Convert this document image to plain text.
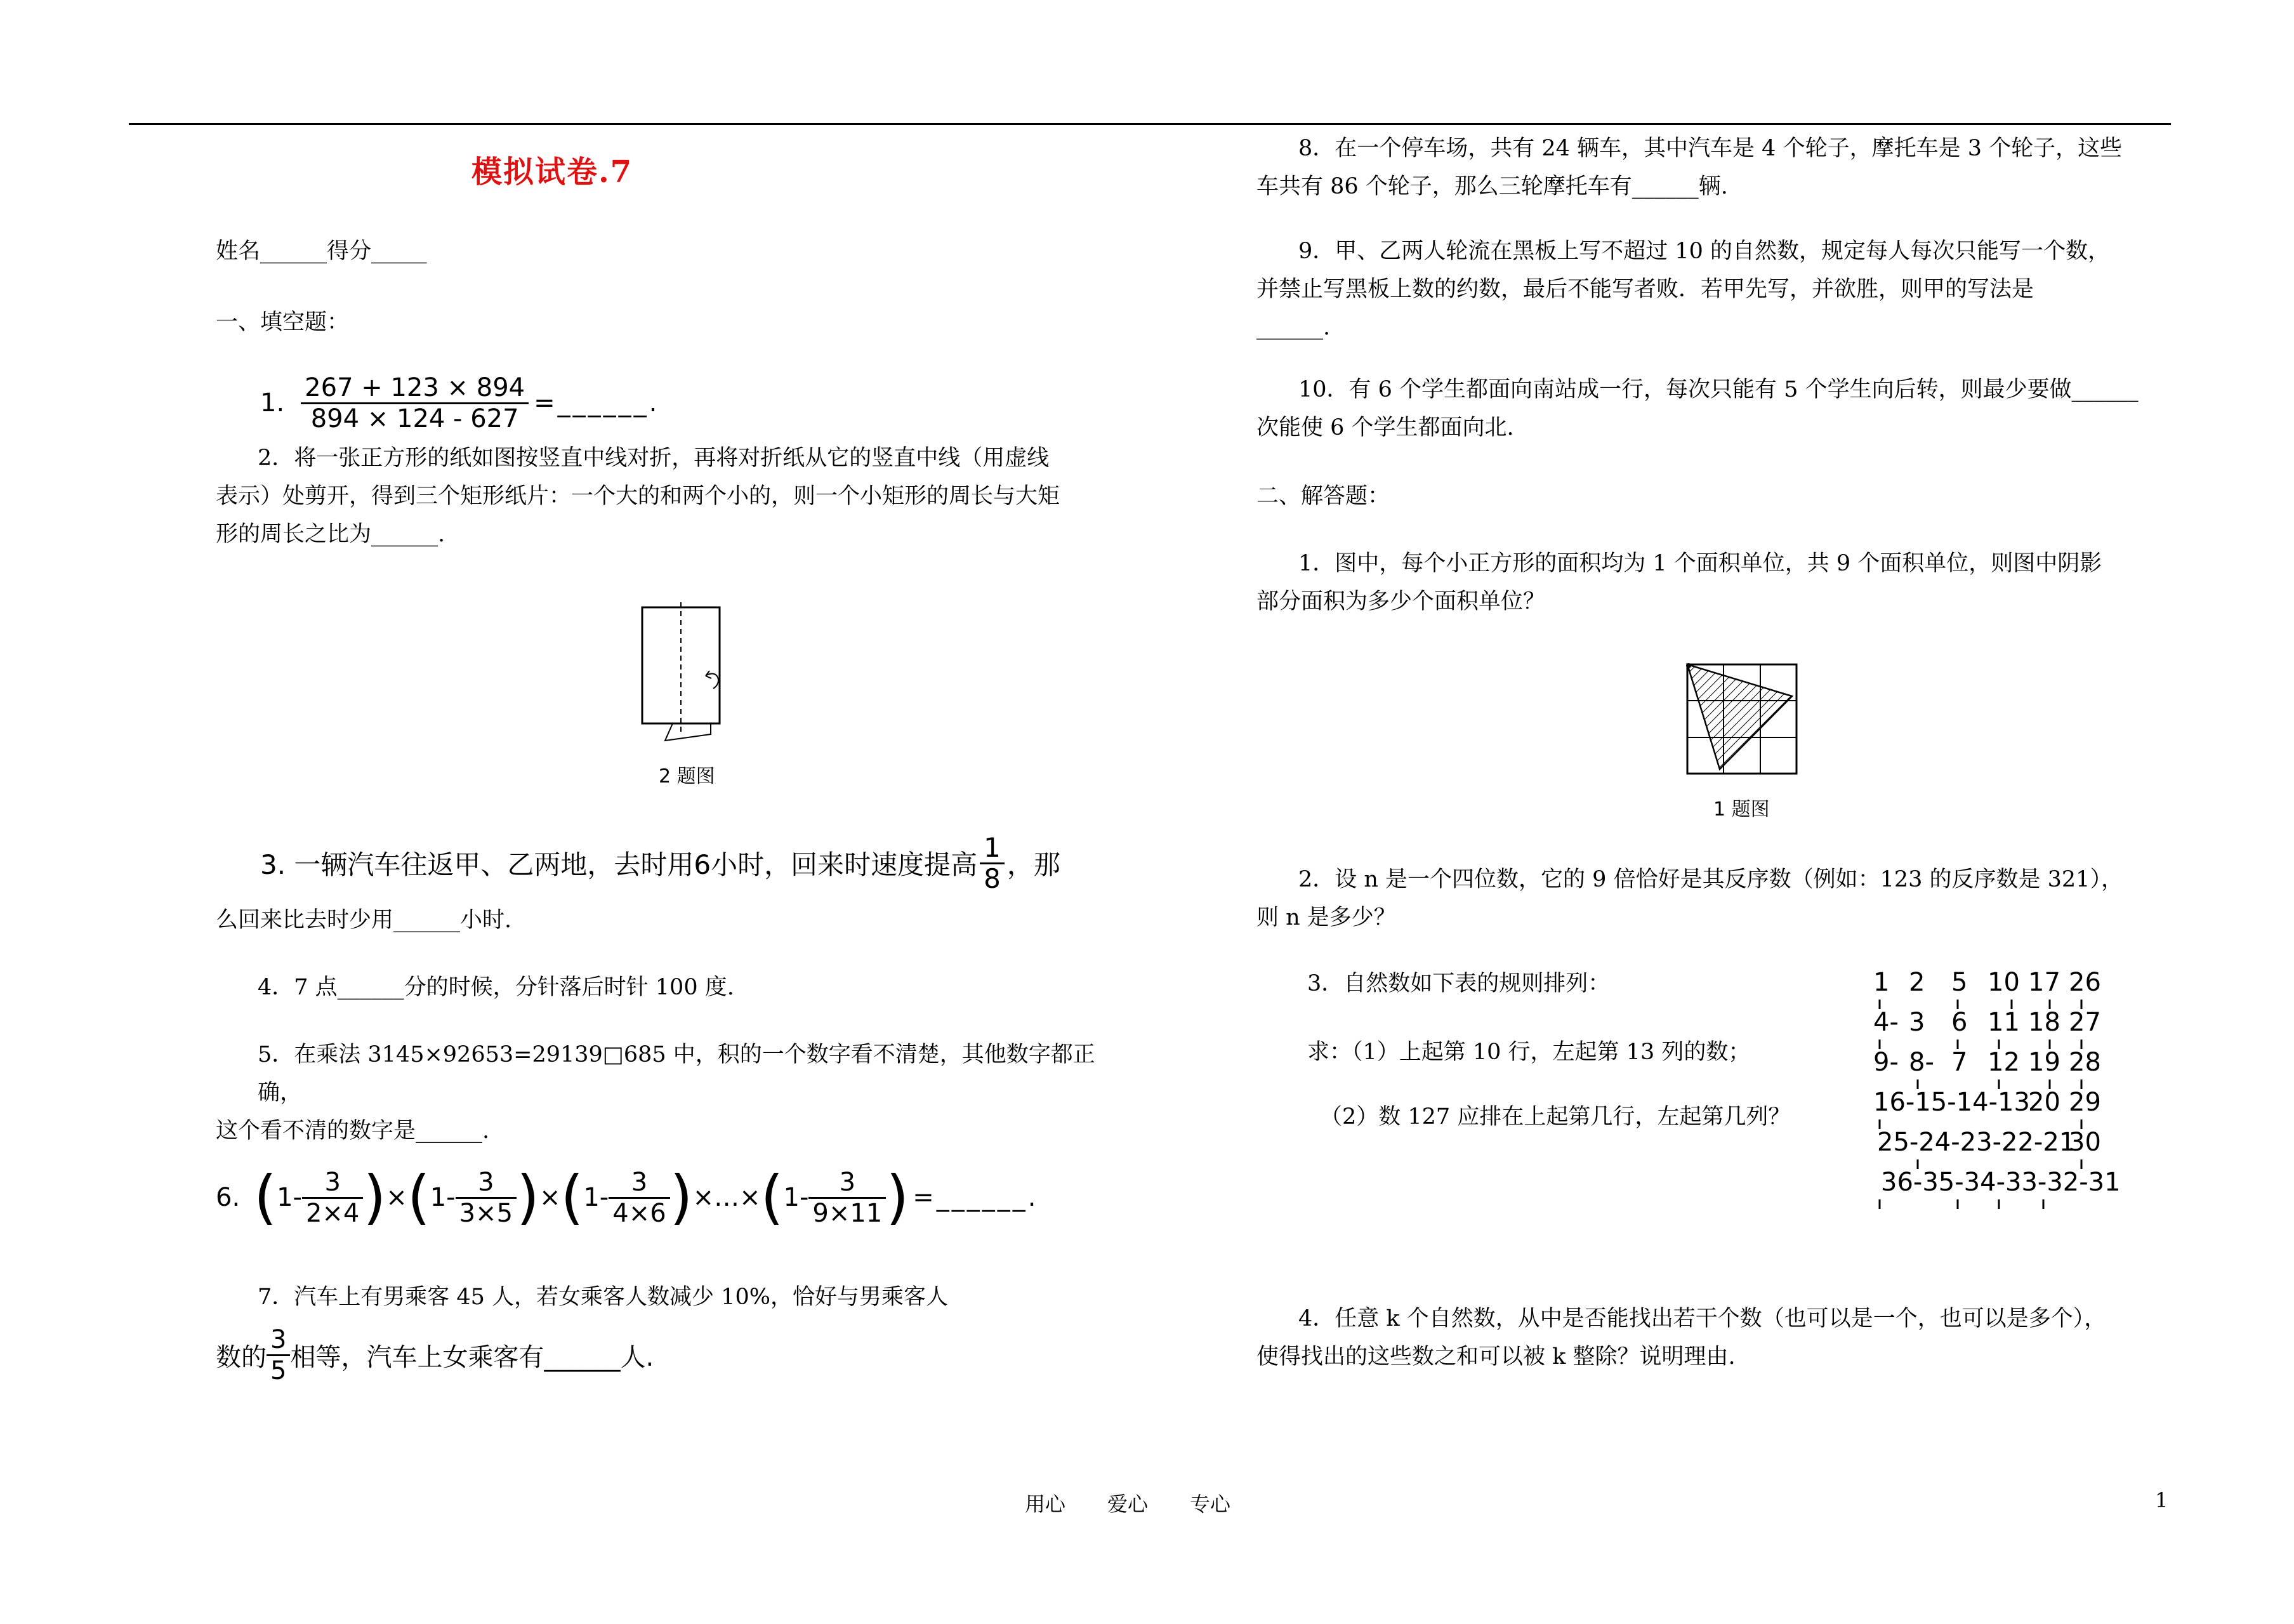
模拟试卷.7
姓名______得分_____
一、填空题：
1. $\frac{267 + 123 \times 894}{894 \times 124 - 627}$ =______.
2．将一张正方形的纸如图按竖直中线对折，再将对折纸从它的竖直中线（用虚线
表示）处剪开，得到三个矩形纸片：一个大的和两个小的，则一个小矩形的周长与大矩
形的周长之比为______.
2 题图
3. 一辆汽车往返甲、乙两地，去时用6小时，回来时速度提高 $\frac{1}{8}$ ，那
么回来比去时少用______小时.
4．7 点______分的时候，分针落后时针 100 度.
5．在乘法 3145×92653=29139□685 中，积的一个数字看不清楚，其他数字都正确，
这个看不清的数字是______.
6. ( $1- \frac{3}{2\times 4}$ ) × ( $1- \frac{3}{3\times 5}$ ) × ( $1- \frac{3}{4\times 6}$ ) ×…× ( $1- \frac{3}{9\times 11}$ ) =______.
7．汽车上有男乘客 45 人，若女乘客人数减少 10%，恰好与男乘客人
数的 $\frac{3}{5}$ 相等，汽车上女乘客有______人.
8．在一个停车场，共有 24 辆车，其中汽车是 4 个轮子，摩托车是 3 个轮子，这些
车共有 86 个轮子，那么三轮摩托车有______辆.
9．甲、乙两人轮流在黑板上写不超过 10 的自然数，规定每人每次只能写一个数，
并禁止写黑板上数的约数，最后不能写者败．若甲先写，并欲胜，则甲的写法是
______.
10．有 6 个学生都面向南站成一行，每次只能有 5 个学生向后转，则最少要做______
次能使 6 个学生都面向北.
二、解答题：
1．图中，每个小正方形的面积均为 1 个面积单位，共 9 个面积单位，则图中阴影
部分面积为多少个面积单位？
1 题图
2．设 n 是一个四位数，它的 9 倍恰好是其反序数（例如：123 的反序数是 321），
则 n 是多少？
3．自然数如下表的规则排列：
求：（1）上起第 10 行，左起第 13 列的数；
（2）数 127 应排在上起第几行，左起第几列？
1 2 5 10 17 26
4- 3 6 11 18 27
9- 8- 7 12 19 28
16-15-14-13
20 29
25-24-23-22-21
30
36-35-34-33-32-31
4．任意 k 个自然数，从中是否能找出若干个数（也可以是一个，也可以是多个），
使得找出的这些数之和可以被 k 整除？说明理由.
用心 爱心 专心	1
